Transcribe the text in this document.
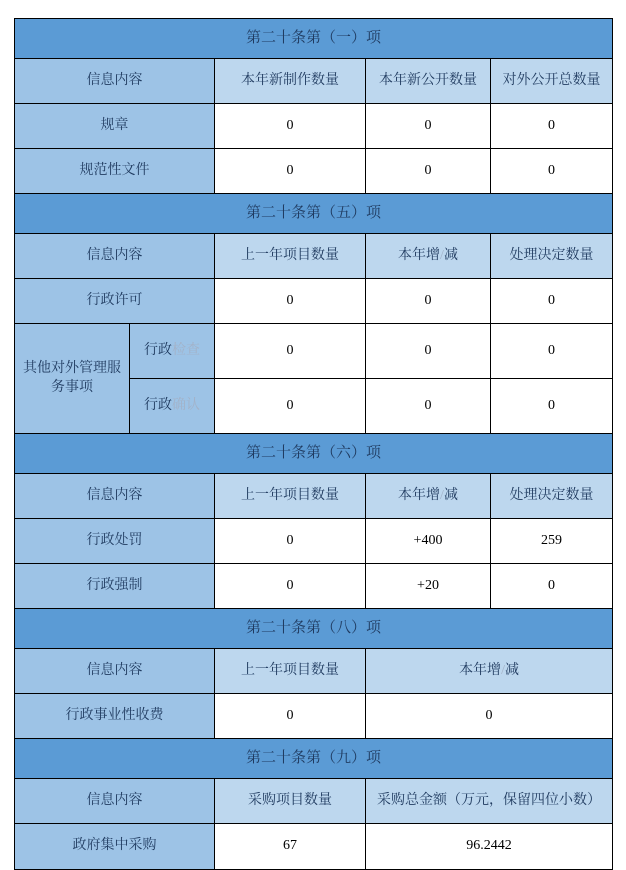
第二十条第（一）项			
信息内容	本年新制作数量	本年新公开数量	对外公开总数量
规章	0	0	0
规范性文件	0	0	0
第二十条第（五）项				
信息内容		上一年项目数量	本年增/减	处理决定数量
行政许可		0	0	0
其他对外管理服务事项	行政检查	0	0	0
	行政确认	0	0	0
第二十条第（六）项			
信息内容	上一年项目数量	本年增/减	处理决定数量
行政处罚	0	+400	259
行政强制	0	+20	0
第二十条第（八）项		
信息内容	上一年项目数量	本年增/减
行政事业性收费	0	0
第二十条第（九）项		
信息内容	采购项目数量	采购总金额（万元，保留四位小数）
政府集中采购	67	96.2442
